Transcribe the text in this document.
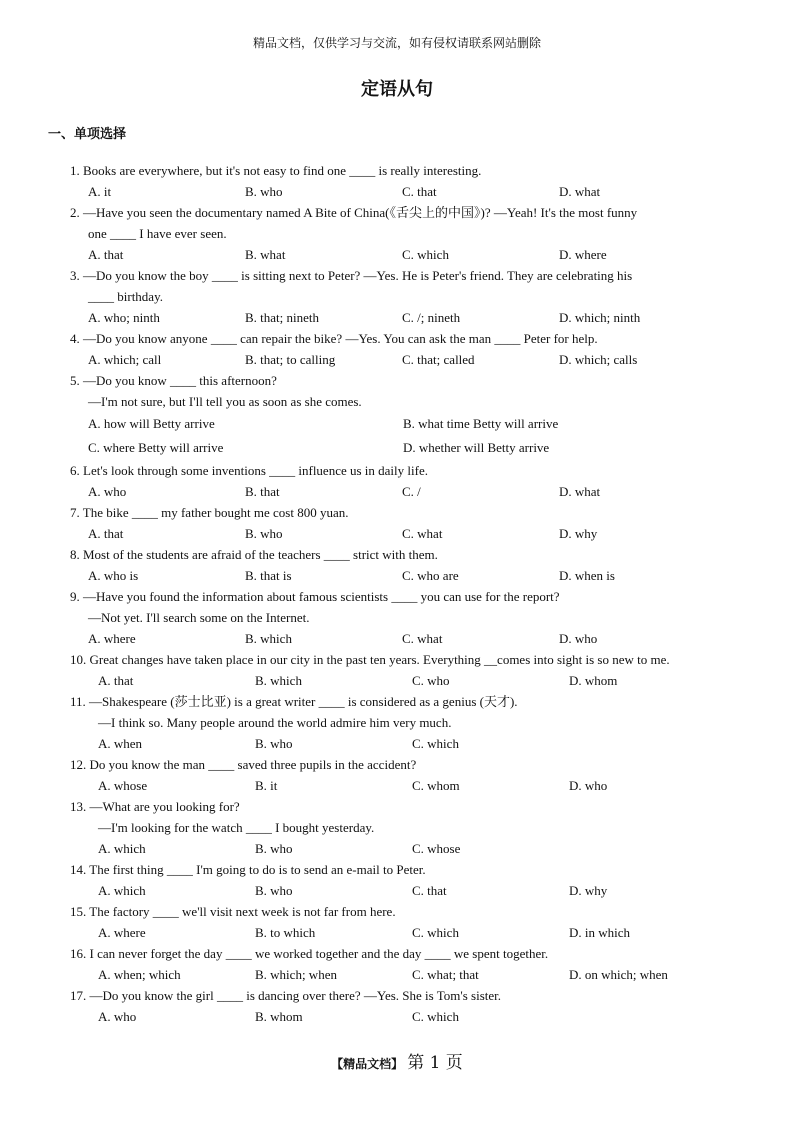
精品文档，仅供学习与交流，如有侵权请联系网站删除
定语从句
一、单项选择
1. Books are everywhere, but it's not easy to find one ____ is really interesting.
A. it	B. who	C. that	D. what
2. —Have you seen the documentary named A Bite of China(《舌尖上的中国》)? —Yeah! It's the most funny
one ____ I have ever seen.
A. that	B. what	C. which	D. where
3. —Do you know the boy ____ is sitting next to Peter? —Yes. He is Peter's friend. They are celebrating his
____ birthday.
A. who; ninth	B. that; nineth	C. /; nineth	D. which; ninth
4. —Do you know anyone ____ can repair the bike? —Yes. You can ask the man ____ Peter for help.
A. which; call	B. that; to calling	C. that; called	D. which; calls
5. —Do you know ____ this afternoon?
—I'm not sure, but I'll tell you as soon as she comes.
A. how will Betty arrive	B. what time Betty will arrive
C. where Betty will arrive	D. whether will Betty arrive
6. Let's look through some inventions ____ influence us in daily life.
A. who	B. that	C. /	D. what
7. The bike ____ my father bought me cost 800 yuan.
A. that	B. who	C. what	D. why
8. Most of the students are afraid of the teachers ____ strict with them.
A. who is	B. that is	C. who are	D. when is
9. —Have you found the information about famous scientists ____ you can use for the report?
—Not yet. I'll search some on the Internet.
A. where	B. which	C. what	D. who
10. Great changes have taken place in our city in the past ten years. Everything __comes into sight is so new to me.
A. that	B. which	C. who	D. whom
11. —Shakespeare (莎士比亚) is a great writer ____ is considered as a genius (天才).
—I think so. Many people around the world admire him very much.
A. when	B. who	C. which
12. Do you know the man ____ saved three pupils in the accident?
A. whose	B. it	C. whom	D. who
13. —What are you looking for?
—I'm looking for the watch ____ I bought yesterday.
A. which	B. who	C. whose
14. The first thing ____ I'm going to do is to send an e-mail to Peter.
A. which	B. who	C. that	D. why
15. The factory ____ we'll visit next week is not far from here.
A. where	B. to which	C. which	D. in which
16. I can never forget the day ____ we worked together and the day ____ we spent together.
A. when; which	B. which; when	C. what; that	D. on which; when
17. —Do you know the girl ____ is dancing over there? —Yes. She is Tom's sister.
A. who	B. whom	C. which
【精品文档】 第 1 页
